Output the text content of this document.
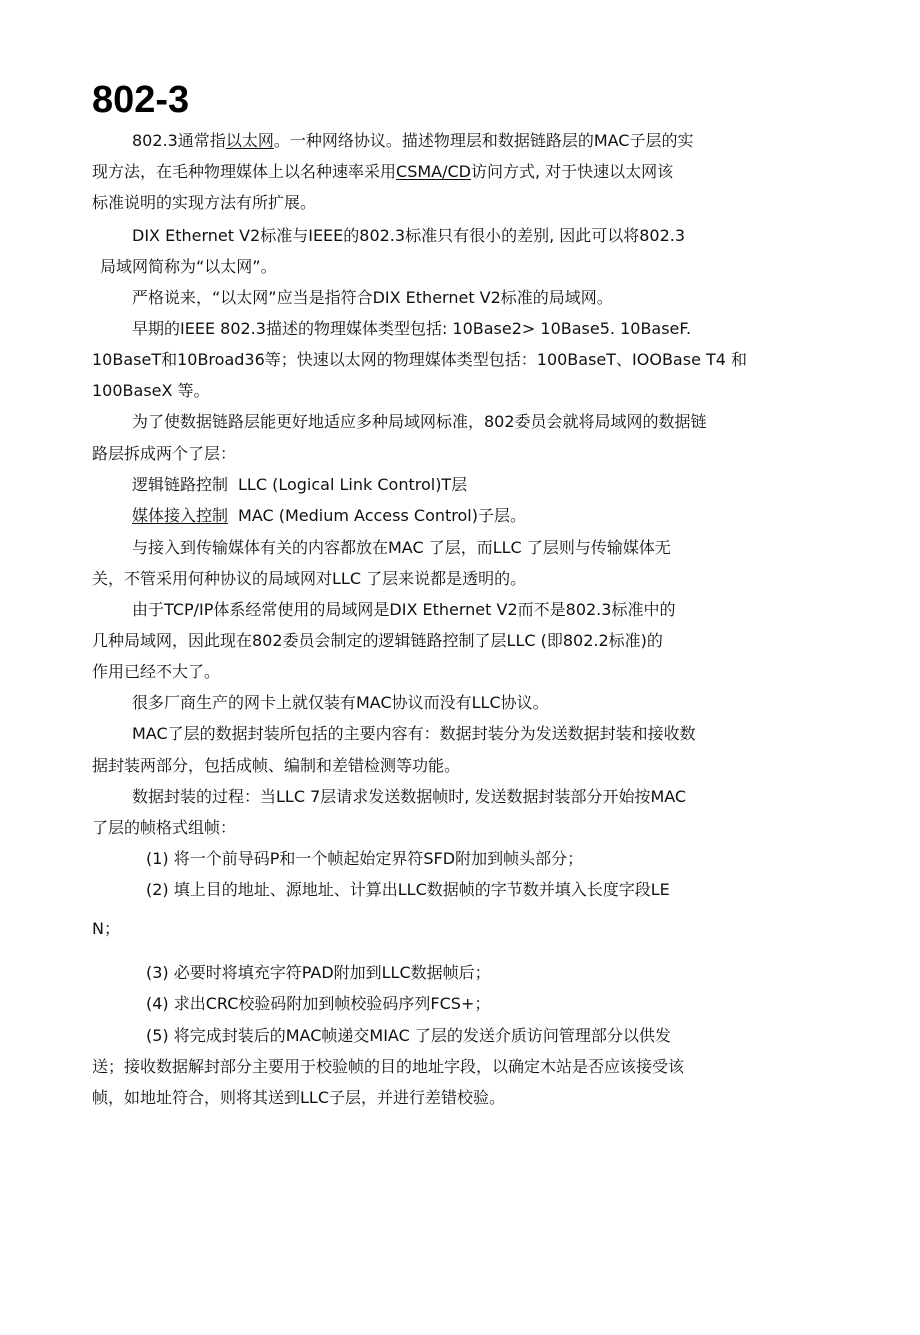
802-3
802.3通常指以太网。一种网络协议。描述物理层和数据链路层的MAC子层的实
现方法，在毛种物理媒体上以名种速率采用CSMA/CD访问方式, 对于快速以太网该
标准说明的实现方法有所扩展。
DIX Ethernet V2标准与IEEE的802.3标准只有很小的差别, 因此可以将802.3
局域网简称为“以太网”。
严格说来，“以太网”应当是指符合DIX Ethernet V2标准的局域网。
早期的IEEE 802.3描述的物理媒体类型包括: 10Base2> 10Base5. 10BaseF.
10BaseT和10Broad36等；快速以太网的物理媒体类型包括：100BaseT、IOOBase T4 和
100BaseX 等。
为了使数据链路层能更好地适应多种局域网标准，802委员会就将局域网的数据链
路层拆成两个了层：
逻辑链路控制 LLC (Logical Link Control)T层
媒体接入控制 MAC (Medium Access Control)子层。
与接入到传输媒体有关的内容都放在MAC 了层，而LLC 了层则与传输媒体无
关，不管采用何种协议的局域网对LLC 了层来说都是透明的。
由于TCP/IP体系经常使用的局域网是DIX Ethernet V2而不是802.3标准中的
几种局域网，因此现在802委员会制定的逻辑链路控制了层LLC (即802.2标准)的
作用已经不大了。
很多厂商生产的网卡上就仅装有MAC协议而没有LLC协议。
MAC了层的数据封装所包括的主要内容有：数据封装分为发送数据封装和接收数
据封装两部分，包括成帧、编制和差错检测等功能。
数据封装的过程：当LLC 7层请求发送数据帧时, 发送数据封装部分开始按MAC
了层的帧格式组帧：
(1) 将一个前导码P和一个帧起始定界符SFD附加到帧头部分；
(2) 填上目的地址、源地址、计算出LLC数据帧的字节数并填入长度字段LE
N；
(3) 必要时将填充字符PAD附加到LLC数据帧后；
(4) 求出CRC校验码附加到帧校验码序列FCS+；
(5) 将完成封装后的MAC帧递交MIAC 了层的发送介质访问管理部分以供发
送；接收数据解封部分主要用于校验帧的目的地址字段，以确定木站是否应该接受该
帧，如地址符合，则将其送到LLC子层，并进行差错校验。
